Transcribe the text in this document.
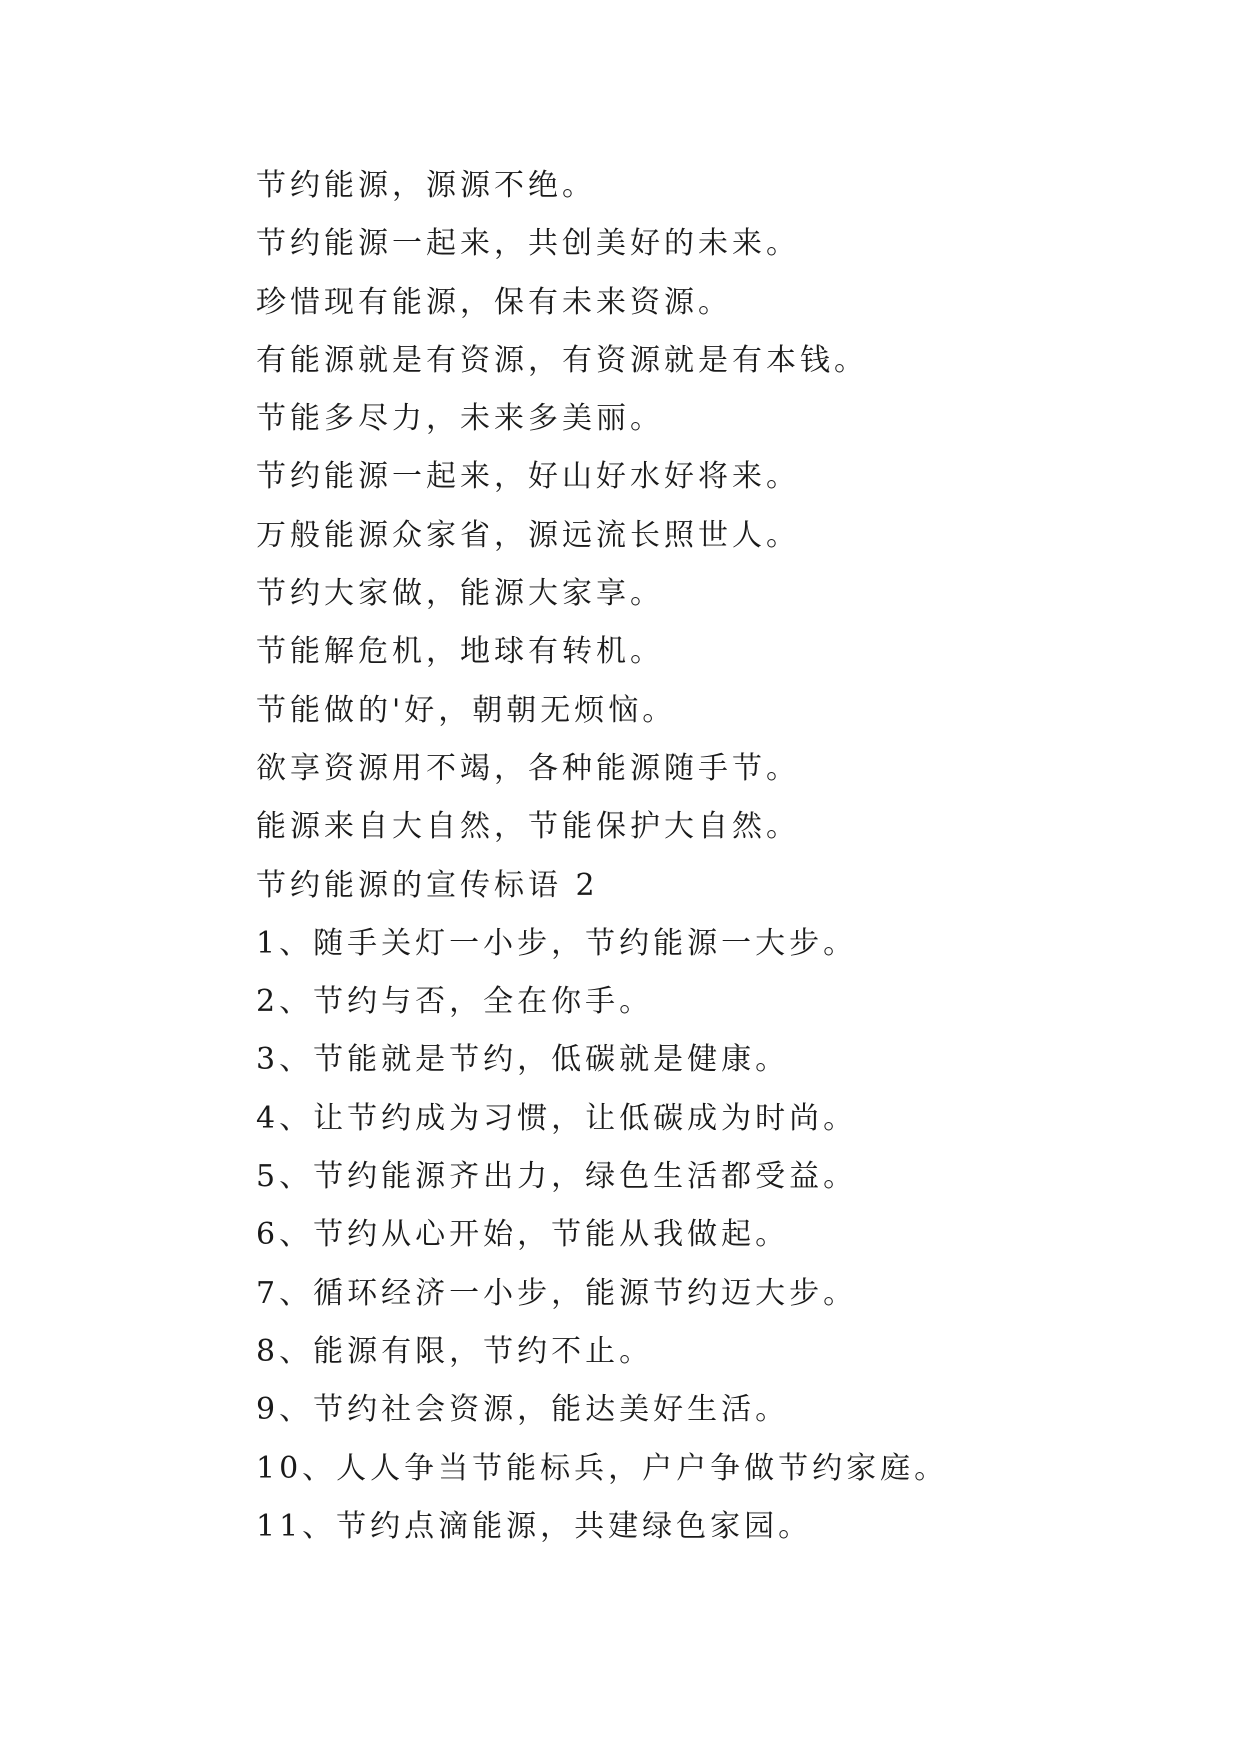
节约能源，源源不绝。
节约能源一起来，共创美好的未来。
珍惜现有能源，保有未来资源。
有能源就是有资源，有资源就是有本钱。
节能多尽力，未来多美丽。
节约能源一起来，好山好水好将来。
万般能源众家省，源远流长照世人。
节约大家做，能源大家享。
节能解危机，地球有转机。
节能做的'好，朝朝无烦恼。
欲享资源用不竭，各种能源随手节。
能源来自大自然，节能保护大自然。
节约能源的宣传标语 2
1、随手关灯一小步，节约能源一大步。
2、节约与否，全在你手。
3、节能就是节约，低碳就是健康。
4、让节约成为习惯，让低碳成为时尚。
5、节约能源齐出力，绿色生活都受益。
6、节约从心开始，节能从我做起。
7、循环经济一小步，能源节约迈大步。
8、能源有限，节约不止。
9、节约社会资源，能达美好生活。
10、人人争当节能标兵，户户争做节约家庭。
11、节约点滴能源，共建绿色家园。
